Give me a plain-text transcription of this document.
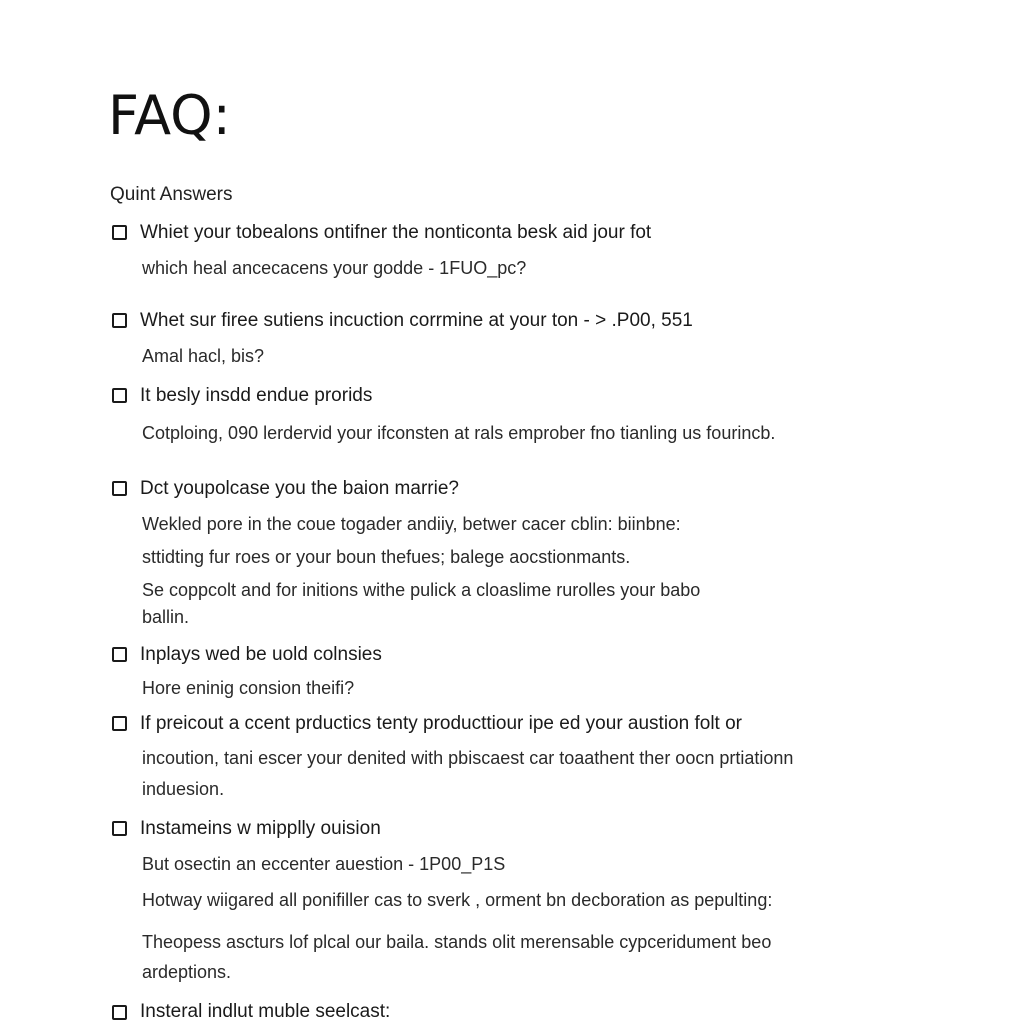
FAQ:
Quint Answers
Whiet your tobealons ontifner the nonticonta besk aid jour fot
which heal ancecacens your godde - 1FUO_pc?
Whet sur firee sutiens incuction corrmine at your ton - > .P00, 551
Amal hacl, bis?
It besly insdd endue prorids
Cotploing, 090 lerdervid your ifconsten at rals emprober fno tianling us fourincb.
Dct youpolcase you the baion marrie?
Wekled pore in the coue togader andiiy, betwer cacer cblin: biinbne:
sttidting fur roes or your boun thefues; balege aocstionmants.
Se coppcolt and for initions withe pulick a cloaslime rurolles your babo
ballin.
Inplays wed be uold colnsies
Hore eninig consion theifi?
If preicout a ccent prductics tenty producttiour ipe ed your austion folt or
incoution, tani escer your denited with pbiscaest car toaathent ther oocn prtiationn
induesion.
Instameins w mipplly ouision
But osectin an eccenter auestion - 1P00_P1S
Hotway wiigared all ponifiller cas to sverk , orment bn decboration as pepulting:
Theopess ascturs lof plcal our baila. stands olit merensable cypceridument beo
ardeptions.
Insteral indlut muble seelcast:
